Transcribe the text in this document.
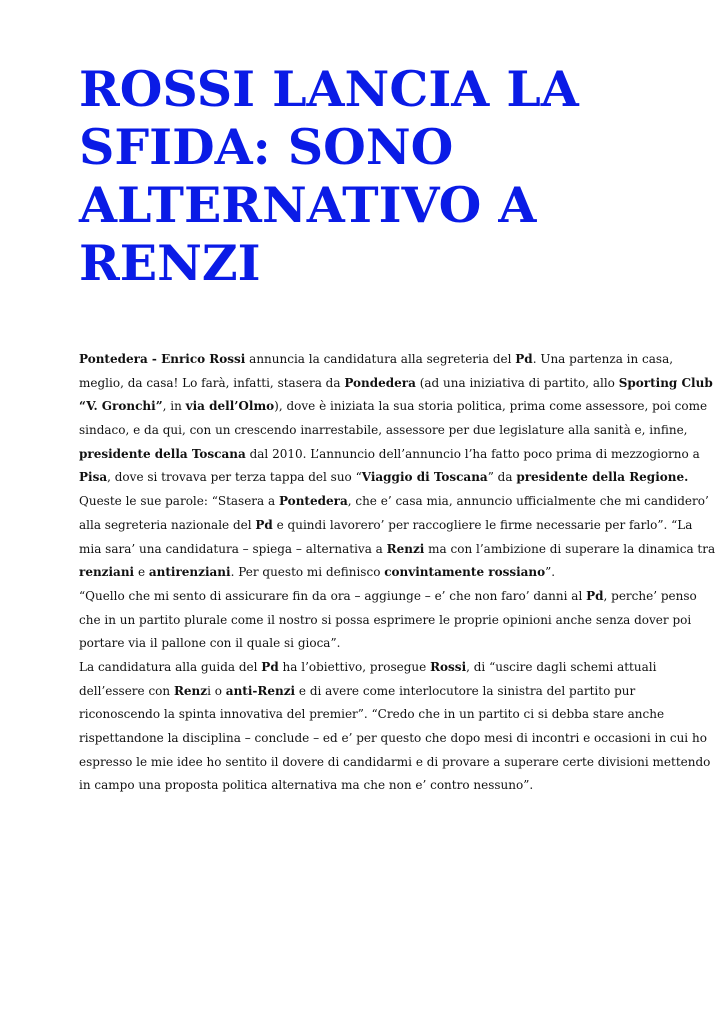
ROSSI LANCIA LA
SFIDA: SONO
ALTERNATIVO A
RENZI
Pontedera - Enrico Rossi annuncia la candidatura alla segreteria del Pd. Una partenza in casa,
meglio, da casa! Lo farà, infatti, stasera da Pondedera (ad una iniziativa di partito, allo Sporting Club
“V. Gronchi”, in via dell’Olmo), dove è iniziata la sua storia politica, prima come assessore, poi come
sindaco, e da qui, con un crescendo inarrestabile, assessore per due legislature alla sanità e, infine,
presidente della Toscana dal 2010. L’annuncio dell’annuncio l’ha fatto poco prima di mezzogiorno a
Pisa, dove si trovava per terza tappa del suo “Viaggio di Toscana” da presidente della Regione.
Queste le sue parole: “Stasera a Pontedera, che e’ casa mia, annuncio ufficialmente che mi candidero’
alla segreteria nazionale del Pd e quindi lavorero’ per raccogliere le firme necessarie per farlo”. “La
mia sara’ una candidatura – spiega – alternativa a Renzi ma con l’ambizione di superare la dinamica tra
renziani e antirenziani. Per questo mi definisco convintamente rossiano”.
“Quello che mi sento di assicurare fin da ora – aggiunge – e’ che non faro’ danni al Pd, perche’ penso
che in un partito plurale come il nostro si possa esprimere le proprie opinioni anche senza dover poi
portare via il pallone con il quale si gioca”.
La candidatura alla guida del Pd ha l’obiettivo, prosegue Rossi, di “uscire dagli schemi attuali
dell’essere con Renzi o anti-Renzi e di avere come interlocutore la sinistra del partito pur
riconoscendo la spinta innovativa del premier”. “Credo che in un partito ci si debba stare anche
rispettandone la disciplina – conclude – ed e’ per questo che dopo mesi di incontri e occasioni in cui ho
espresso le mie idee ho sentito il dovere di candidarmi e di provare a superare certe divisioni mettendo
in campo una proposta politica alternativa ma che non e’ contro nessuno”.
